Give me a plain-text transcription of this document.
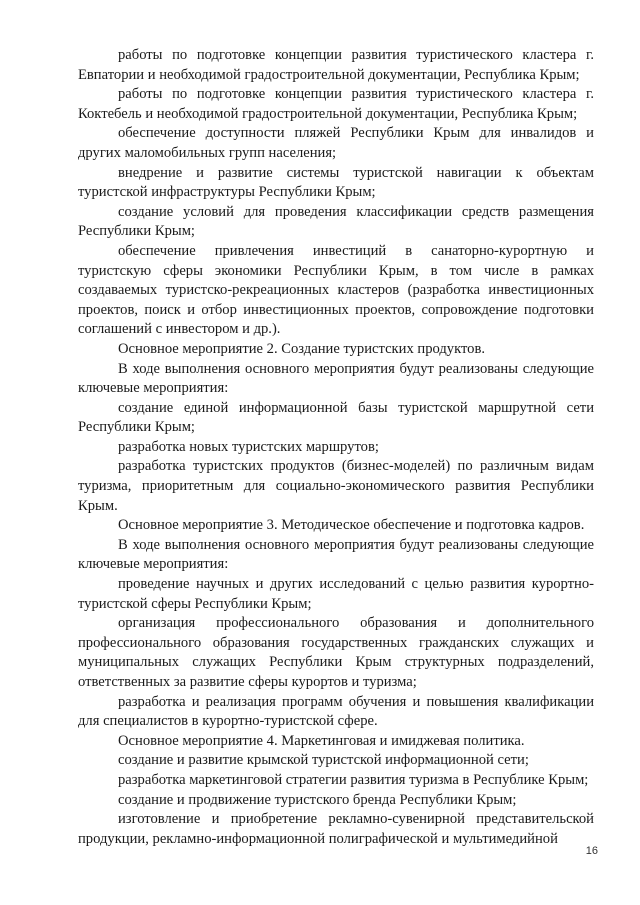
работы по подготовке концепции развития туристического кластера г. Евпатории и необходимой градостроительной документации, Республика Крым;

работы по подготовке концепции развития туристического кластера г. Коктебель и необходимой градостроительной документации, Республика Крым;

обеспечение доступности пляжей Республики Крым для инвалидов и других маломобильных групп населения;

внедрение и развитие системы туристской навигации к объектам туристской инфраструктуры Республики Крым;

создание условий для проведения классификации средств размещения Республики Крым;

обеспечение привлечения инвестиций в санаторно-курортную и туристскую сферы экономики Республики Крым, в том числе в рамках создаваемых туристско-рекреационных кластеров (разработка инвестиционных проектов, поиск и отбор инвестиционных проектов, сопровождение подготовки соглашений с инвестором и др.).

Основное мероприятие 2. Создание туристских продуктов.

В ходе выполнения основного мероприятия будут реализованы следующие ключевые мероприятия:

создание единой информационной базы туристской маршрутной сети Республики Крым;

разработка новых туристских маршрутов;

разработка туристских продуктов (бизнес-моделей) по различным видам туризма, приоритетным для социально-экономического развития Республики Крым.

Основное мероприятие 3. Методическое обеспечение и подготовка кадров.

В ходе выполнения основного мероприятия будут реализованы следующие ключевые мероприятия:

проведение научных и других исследований с целью развития курортно-туристской сферы Республики Крым;

организация профессионального образования и дополнительного профессионального образования государственных гражданских служащих и муниципальных служащих Республики Крым структурных подразделений, ответственных за развитие сферы курортов и туризма;

разработка и реализация программ обучения и повышения квалификации для специалистов в курортно-туристской сфере.

Основное мероприятие 4. Маркетинговая и имиджевая политика.

создание и развитие крымской туристской информационной сети;

разработка маркетинговой стратегии развития туризма в Республике Крым;

создание и продвижение туристского бренда Республики Крым;

изготовление и приобретение рекламно-сувенирной представительской продукции, рекламно-информационной полиграфической и мультимедийной

16
